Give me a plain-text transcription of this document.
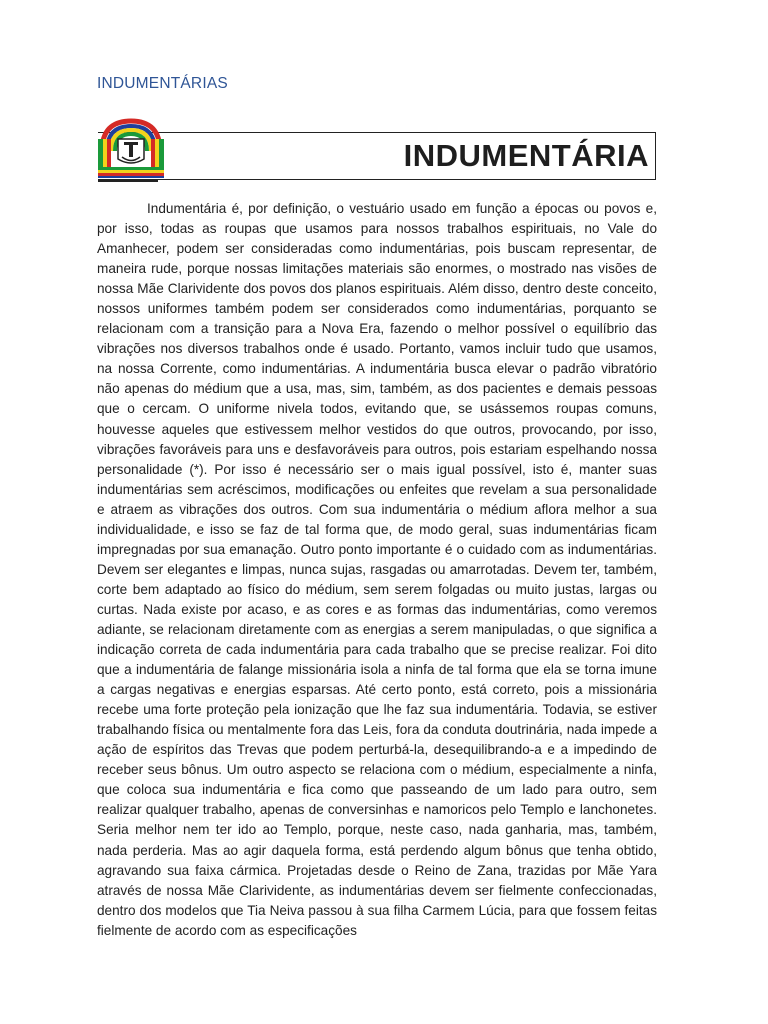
INDUMENTÁRIAS
INDUMENTÁRIA

Indumentária é, por definição, o vestuário usado em função a épocas ou povos e, por isso, todas as roupas que usamos para nossos trabalhos espirituais, no Vale do Amanhecer, podem ser consideradas como indumentárias, pois buscam representar, de maneira rude, porque nossas limitações materiais são enormes, o mostrado nas visões de nossa Mãe Clarividente dos povos dos planos espirituais. Além disso, dentro deste conceito, nossos uniformes também podem ser considerados como indumentárias, porquanto se relacionam com a transição para a Nova Era, fazendo o melhor possível o equilíbrio das vibrações nos diversos trabalhos onde é usado. Portanto, vamos incluir tudo que usamos, na nossa Corrente, como indumentárias. A indumentária busca elevar o padrão vibratório não apenas do médium que a usa, mas, sim, também, as dos pacientes e demais pessoas que o cercam. O uniforme nivela todos, evitando que, se usássemos roupas comuns, houvesse aqueles que estivessem melhor vestidos do que outros, provocando, por isso, vibrações favoráveis para uns e desfavoráveis para outros, pois estariam espelhando nossa personalidade (*). Por isso é necessário ser o mais igual possível, isto é, manter suas indumentárias sem acréscimos, modificações ou enfeites que revelam a sua personalidade e atraem as vibrações dos outros. Com sua indumentária o médium aflora melhor a sua individualidade, e isso se faz de tal forma que, de modo geral, suas indumentárias ficam impregnadas por sua emanação. Outro ponto importante é o cuidado com as indumentárias. Devem ser elegantes e limpas, nunca sujas, rasgadas ou amarrotadas. Devem ter, também, corte bem adaptado ao físico do médium, sem serem folgadas ou muito justas, largas ou curtas. Nada existe por acaso, e as cores e as formas das indumentárias, como veremos adiante, se relacionam diretamente com as energias a serem manipuladas, o que significa a indicação correta de cada indumentária para cada trabalho que se precise realizar. Foi dito que a indumentária de falange missionária isola a ninfa de tal forma que ela se torna imune a cargas negativas e energias esparsas. Até certo ponto, está correto, pois a missionária recebe uma forte proteção pela ionização que lhe faz sua indumentária. Todavia, se estiver trabalhando física ou mentalmente fora das Leis, fora da conduta doutrinária, nada impede a ação de espíritos das Trevas que podem perturbá-la, desequilibrando-a e a impedindo de receber seus bônus. Um outro aspecto se relaciona com o médium, especialmente a ninfa, que coloca sua indumentária e fica como que passeando de um lado para outro, sem realizar qualquer trabalho, apenas de conversinhas e namoricos pelo Templo e lanchonetes. Seria melhor nem ter ido ao Templo, porque, neste caso, nada ganharia, mas, também, nada perderia. Mas ao agir daquela forma, está perdendo algum bônus que tenha obtido, agravando sua faixa cármica. Projetadas desde o Reino de Zana, trazidas por Mãe Yara através de nossa Mãe Clarividente, as indumentárias devem ser fielmente confeccionadas, dentro dos modelos que Tia Neiva passou à sua filha Carmem Lúcia, para que fossem feitas fielmente de acordo com as especificações
